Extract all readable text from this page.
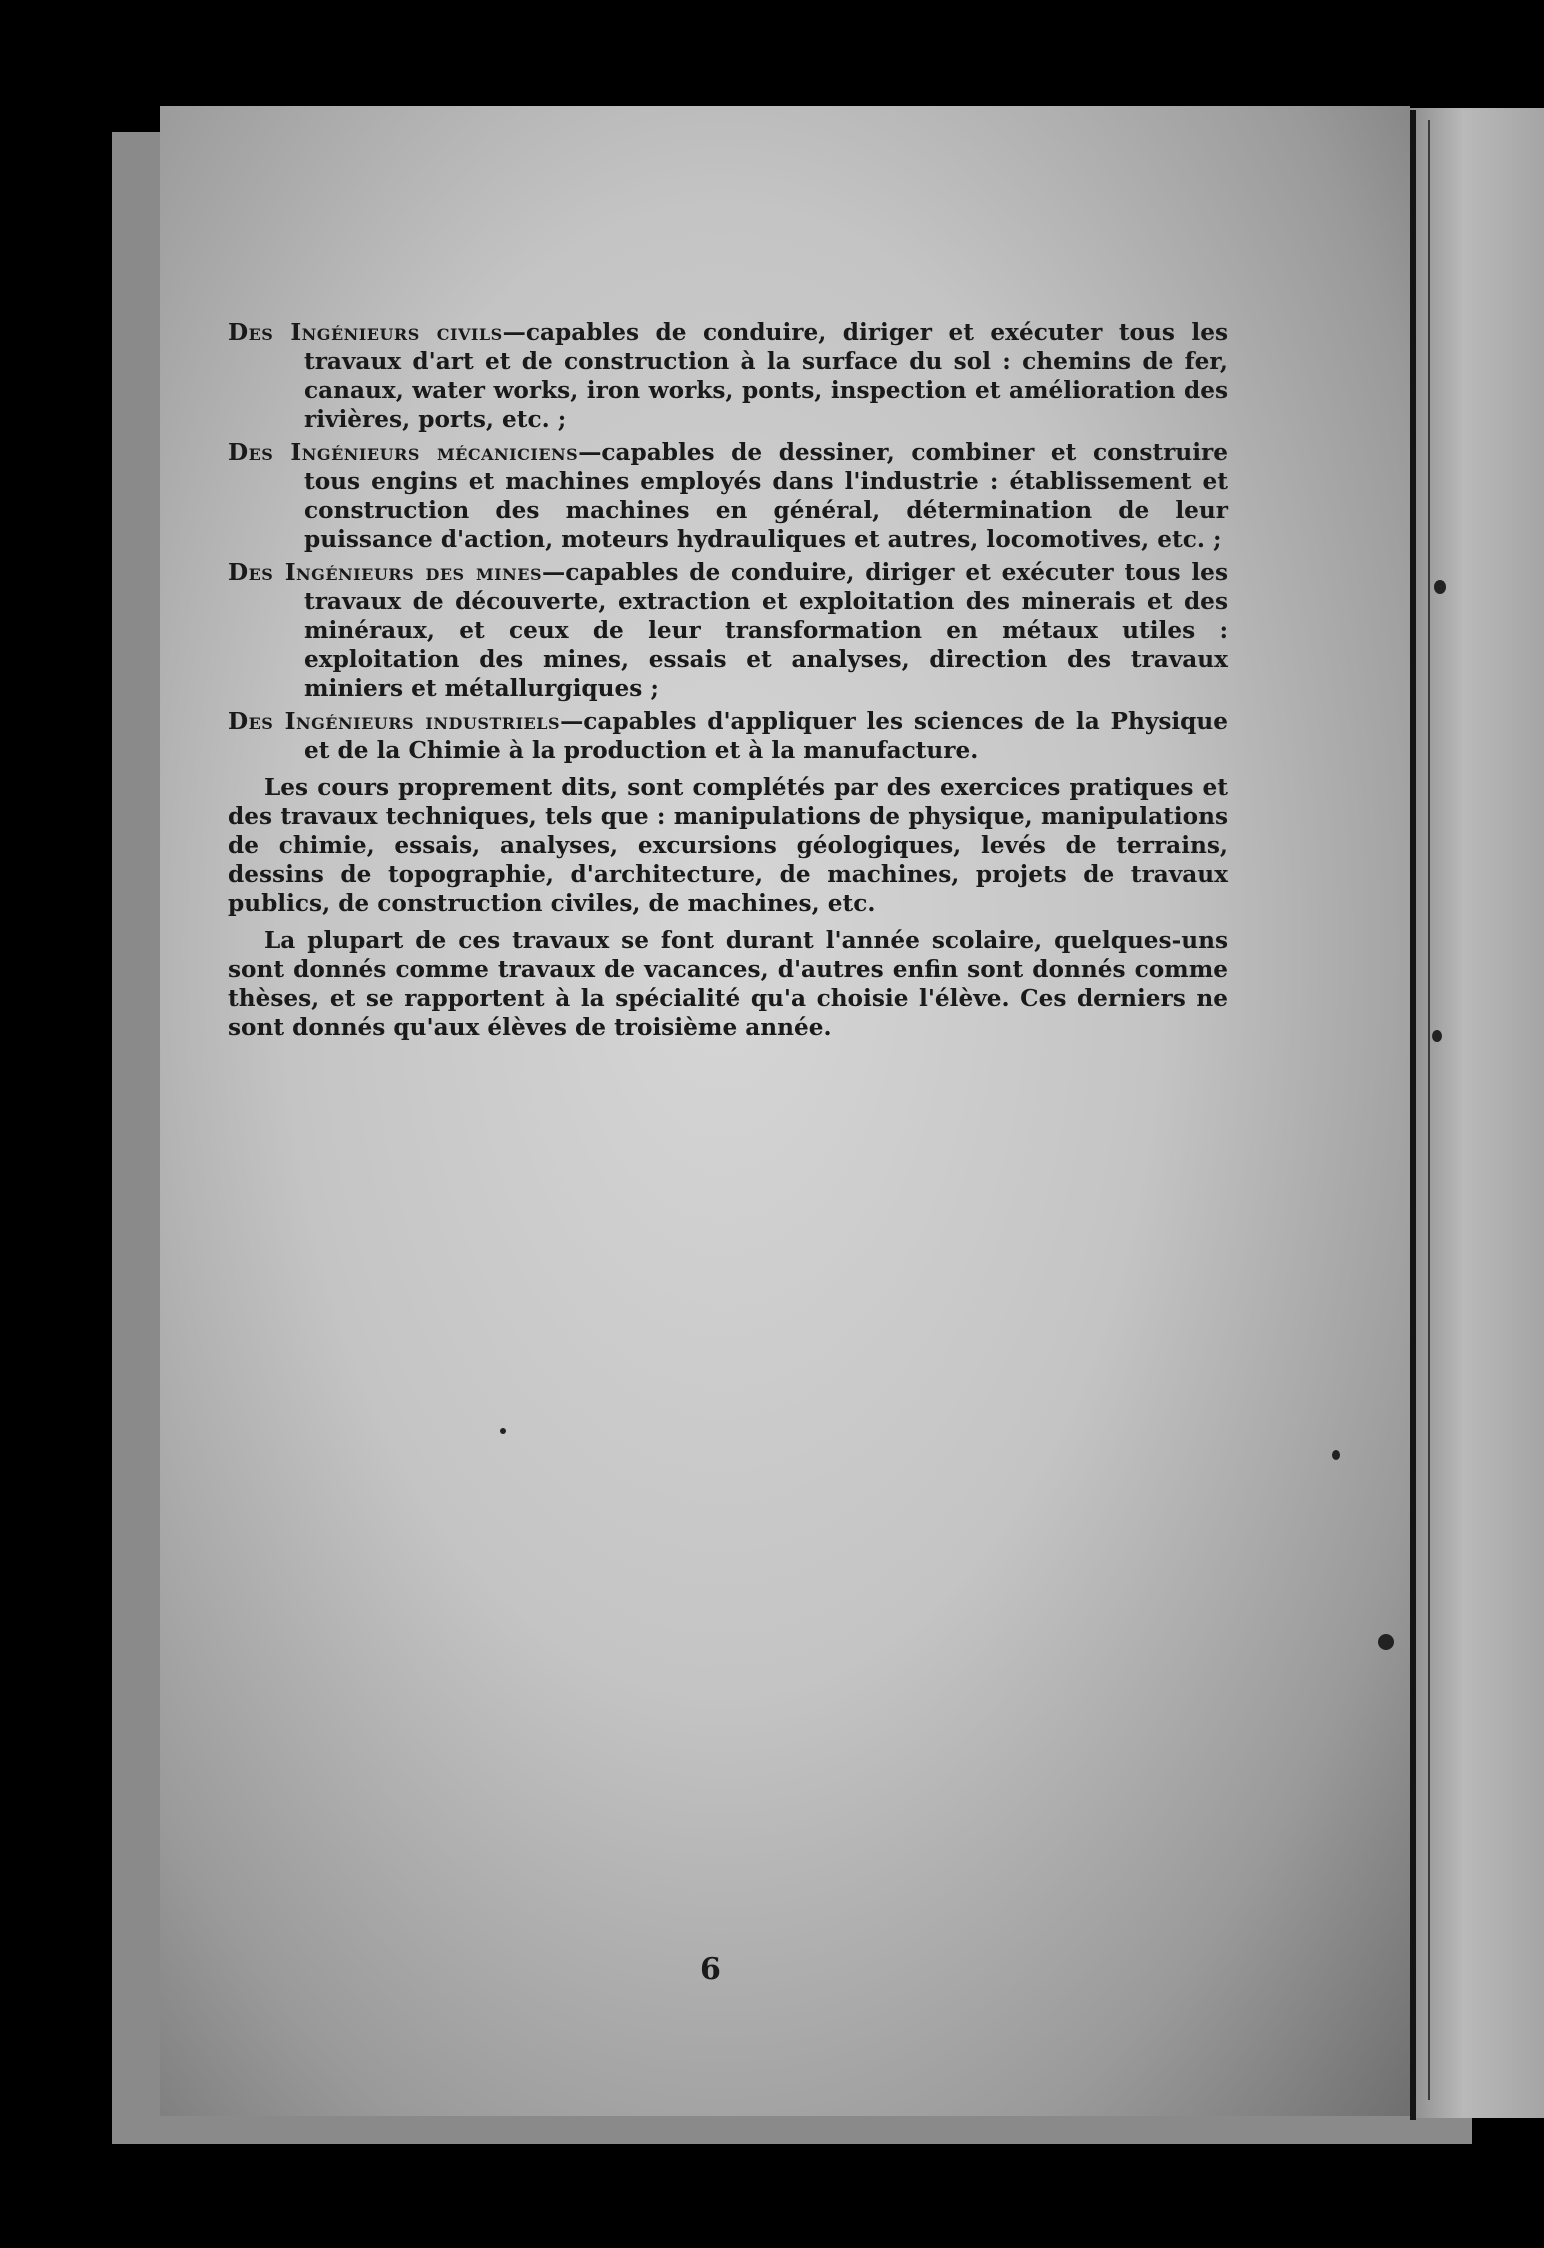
Des Ingénieurs civils—capables de conduire, diriger et exécuter tous les travaux d'art et de construction à la surface du sol : chemins de fer, canaux, water works, iron works, ponts, inspection et amélioration des rivières, ports, etc. ;

Des Ingénieurs mécaniciens—capables de dessiner, combiner et construire tous engins et machines employés dans l'industrie : établissement et construction des machines en général, détermination de leur puissance d'action, moteurs hydrauliques et autres, locomotives, etc. ;

Des Ingénieurs des mines—capables de conduire, diriger et exécuter tous les travaux de découverte, extraction et exploitation des minerais et des minéraux, et ceux de leur transformation en métaux utiles : exploitation des mines, essais et analyses, direction des travaux miniers et métallurgiques ;

Des Ingénieurs industriels—capables d'appliquer les sciences de la Physique et de la Chimie à la production et à la manufacture.

Les cours proprement dits, sont complétés par des exercices pratiques et des travaux techniques, tels que : manipulations de physique, manipulations de chimie, essais, analyses, excursions géologiques, levés de terrains, dessins de topographie, d'architecture, de machines, projets de travaux publics, de construction civiles, de machines, etc.

La plupart de ces travaux se font durant l'année scolaire, quelques-uns sont donnés comme travaux de vacances, d'autres enfin sont donnés comme thèses, et se rapportent à la spécialité qu'a choisie l'élève. Ces derniers ne sont donnés qu'aux élèves de troisième année.

6
